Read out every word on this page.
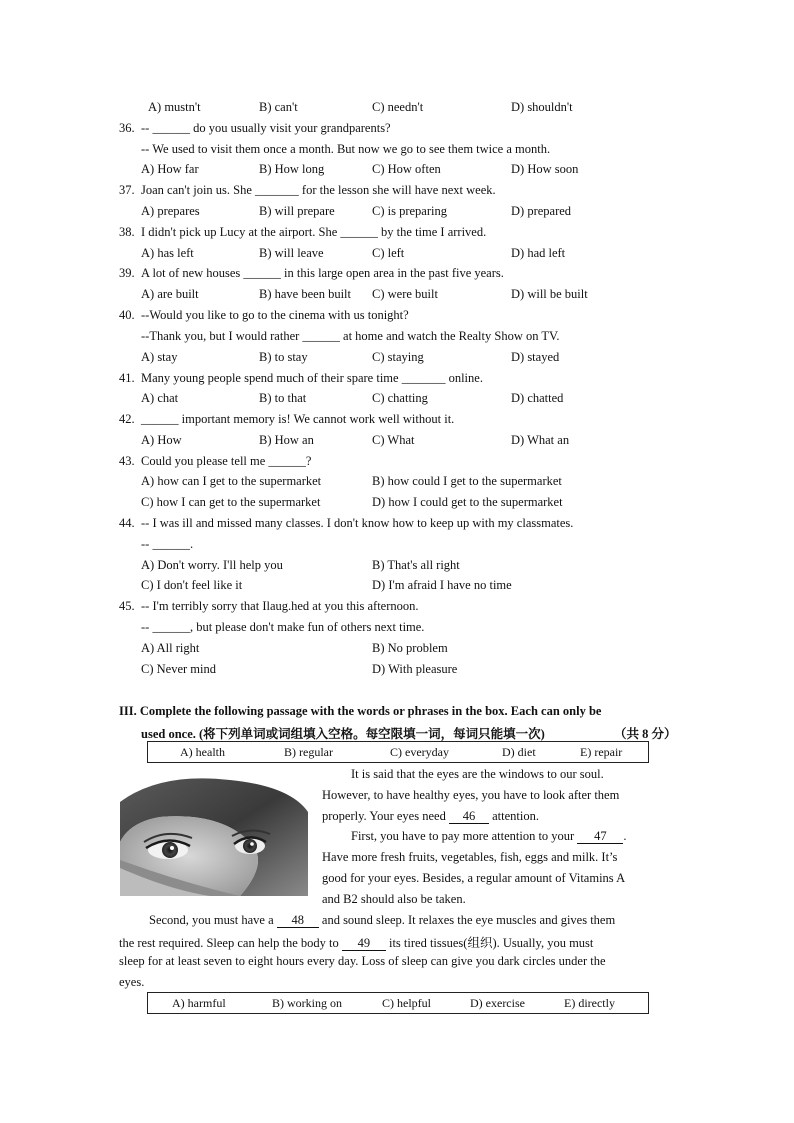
A) mustn't	B) can't	C) needn't	D) shouldn't
36. -- ______ do you usually visit your grandparents?
-- We used to visit them once a month. But now we go to see them twice a month.
A) How far	B) How long	C) How often	D) How soon
37. Joan can't join us. She _______ for the lesson she will have next week.
A) prepares	B) will prepare	C) is preparing	D) prepared
38. I didn't pick up Lucy at the airport. She ______ by the time I arrived.
A) has left	B) will leave	C) left	D) had left
39. A lot of new houses ______ in this large open area in the past five years.
A) are built	B) have been built C) were built	D) will be built
40. --Would you like to go to the cinema with us tonight?
--Thank you, but I would rather ______ at home and watch the Realty Show on TV.
A) stay	B) to stay	C) staying	D) stayed
41. Many young people spend much of their spare time _______ online.
A) chat	B) to that	C) chatting	D) chatted
42. ______ important memory is! We cannot work well without it.
A) How	B) How an	C) What	D) What an
43. Could you please tell me ______?
A) how can I get to the supermarket	B) how could I get to the supermarket
C) how I can get to the supermarket	D) how I could get to the supermarket
44. -- I was ill and missed many classes. I don't know how to keep up with my classmates.
-- ______.
A) Don't worry. I'll help you	B) That's all right
C) I don't feel like it	D) I'm afraid I have no time
45. -- I'm terribly sorry that Ilaug.hed at you this afternoon.
-- ______, but please don't make fun of others next time.
A) All right	B) No problem
C) Never mind	D) With pleasure
III. Complete the following passage with the words or phrases in the box. Each can only be
used once. (将下列单词或词组填入空格。每空限填一词，每词只能填一次)	（共 8 分）
A) health	B) regular	C) everyday	D) diet	E) repair
It is said that the eyes are the windows to our soul.
However, to have healthy eyes, you have to look after them
properly. Your eyes need 46 attention.
First, you have to pay more attention to your 47 .
Have more fresh fruits, vegetables, fish, eggs and milk. It’s
good for your eyes. Besides, a regular amount of Vitamins A
and B2 should also be taken.
Second, you must have a 48 and sound sleep. It relaxes the eye muscles and gives them
the rest required. Sleep can help the body to 49 its tired tissues(组织). Usually, you must
sleep for at least seven to eight hours every day. Loss of sleep can give you dark circles under the
eyes.
A) harmful	B) working on	C) helpful	D) exercise	E) directly
